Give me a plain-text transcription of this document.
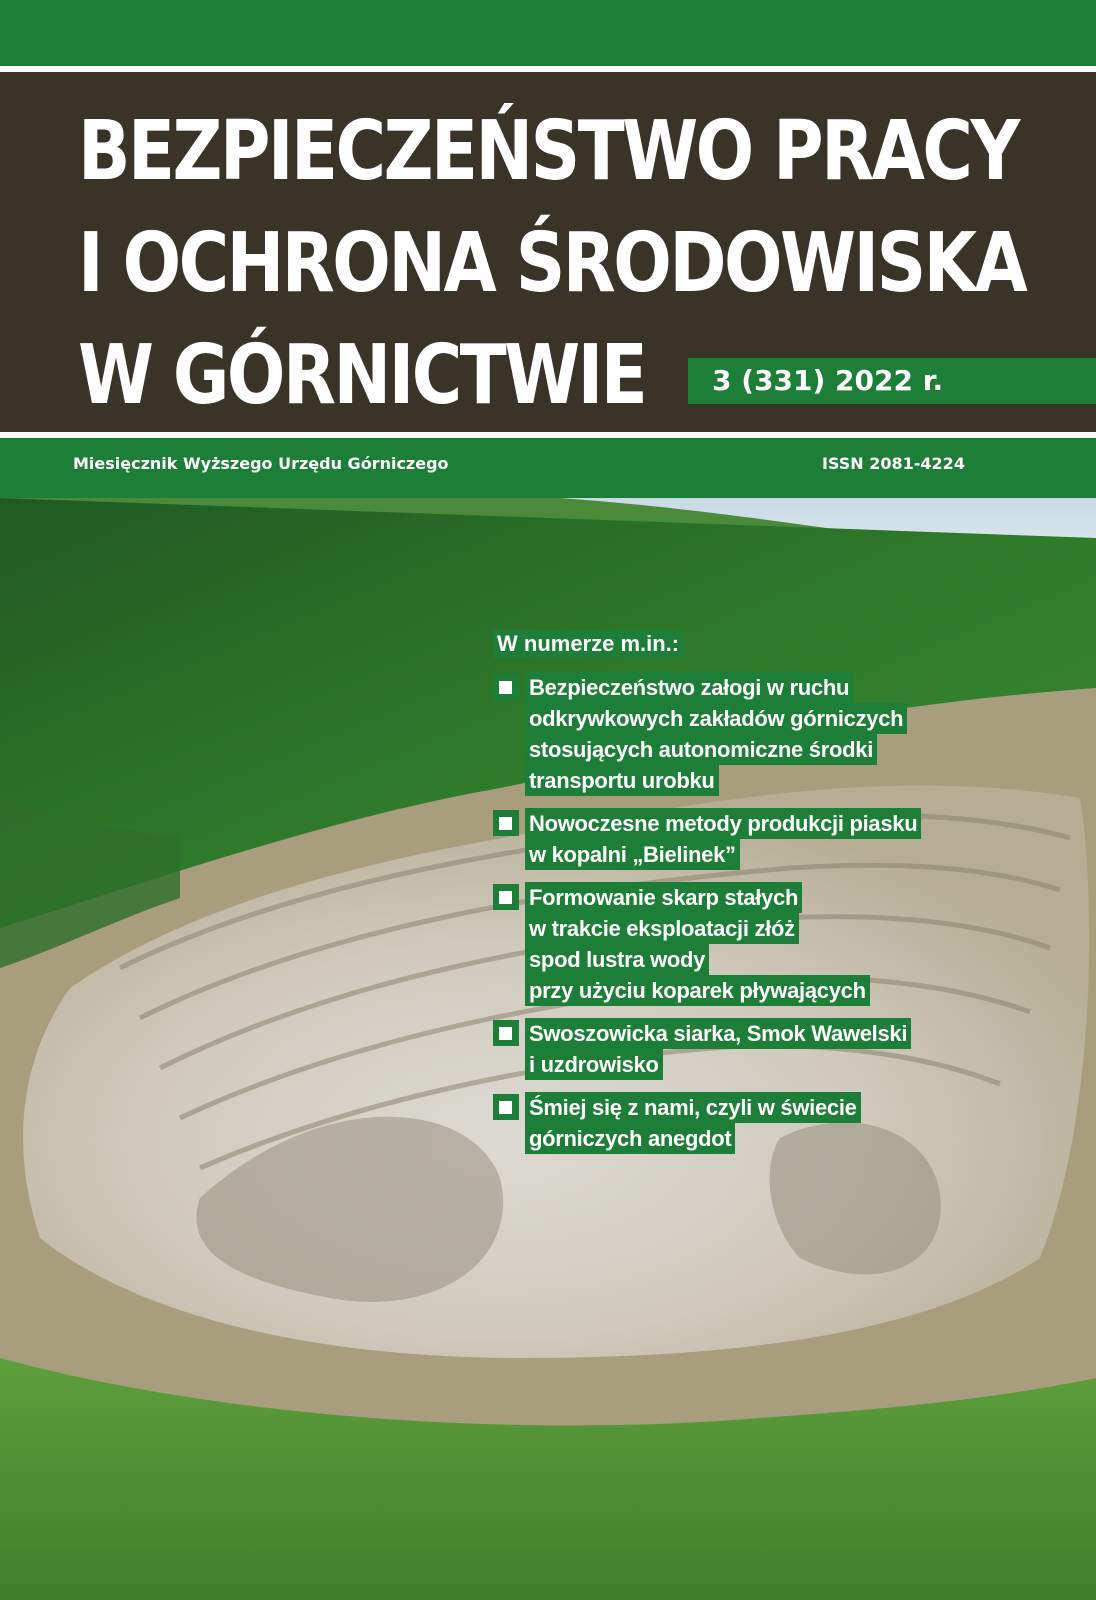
BEZPIECZEŃSTWO PRACY
I OCHRONA ŚRODOWISKA
W GÓRNICTWIE	3 (331) 2022 r.
Miesięcznik Wyższego Urzędu Górniczego	ISSN 2081-4224
W numerze m.in.:
Bezpieczeństwo załogi w ruchu
odkrywkowych zakładów górniczych
stosujących autonomiczne środki
transportu urobku
Nowoczesne metody produkcji piasku
w kopalni „Bielinek”
Formowanie skarp stałych
w trakcie eksploatacji złóż
spod lustra wody
przy użyciu koparek pływających
Swoszowicka siarka, Smok Wawelski
i uzdrowisko
Śmiej się z nami, czyli w świecie
górniczych anegdot
